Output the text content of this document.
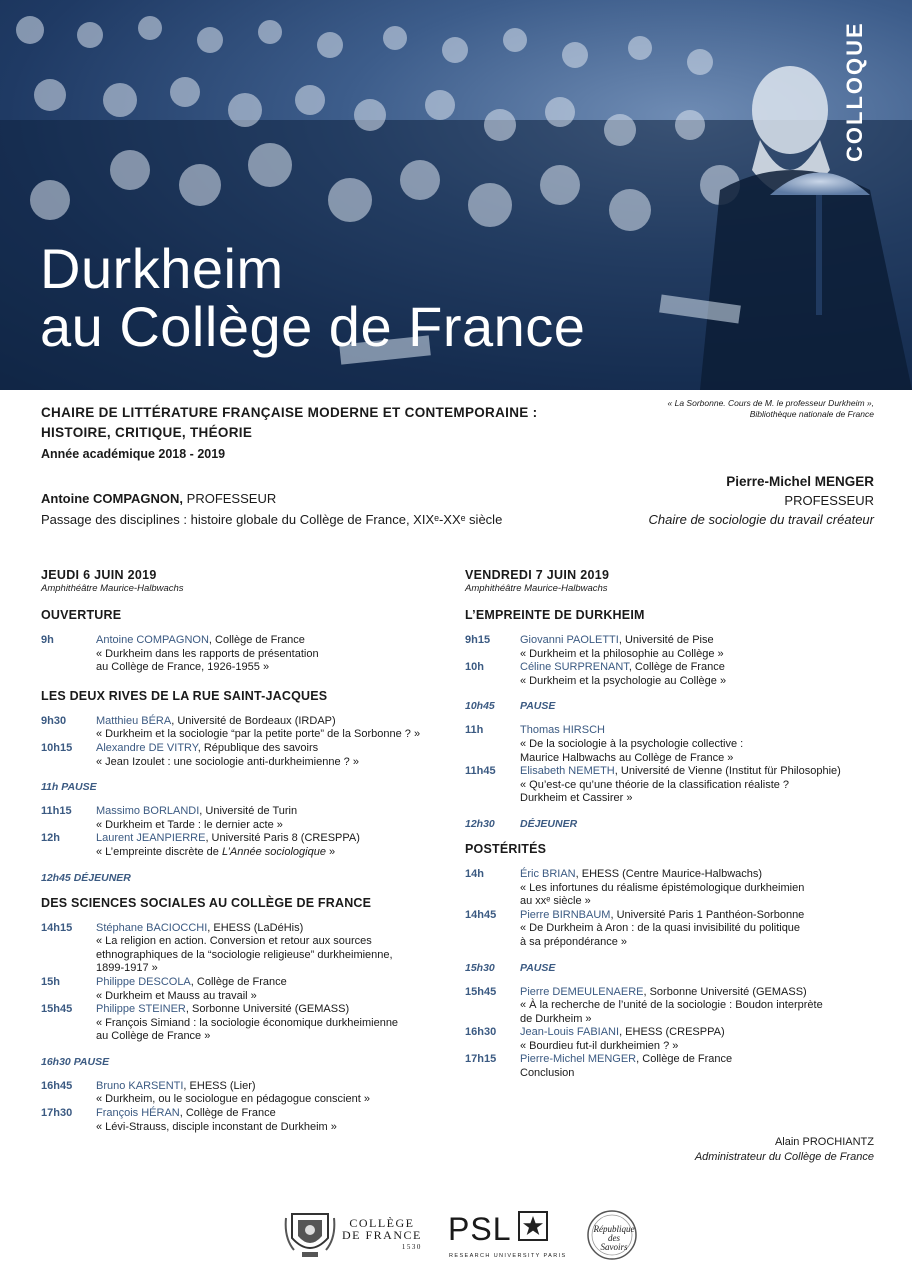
Durkheim
au Collège de France
COLLOQUE
CHAIRE DE LITTÉRATURE FRANÇAISE MODERNE ET CONTEMPORAINE :
HISTOIRE, CRITIQUE, THÉORIE
Année académique 2018 - 2019
« La Sorbonne. Cours de M. le professeur Durkheim »,
Bibliothèque nationale de France
Antoine COMPAGNON, PROFESSEUR
Passage des disciplines : histoire globale du Collège de France, XIXᵉ-XXᵉ siècle
Pierre-Michel MENGER
PROFESSEUR
Chaire de sociologie du travail créateur
JEUDI 6 JUIN 2019
Amphithéâtre Maurice-Halbwachs
OUVERTURE
9h	Antoine COMPAGNON, Collège de France
« Durkheim dans les rapports de présentation
au Collège de France, 1926-1955 »
LES DEUX RIVES DE LA RUE SAINT-JACQUES
9h30	Matthieu BÉRA, Université de Bordeaux (IRDAP)
« Durkheim et la sociologie “par la petite porte” de la Sorbonne ? »
10h15	Alexandre DE VITRY, République des savoirs
« Jean Izoulet : une sociologie anti-durkheimienne ? »
11h PAUSE
11h15	Massimo BORLANDI, Université de Turin
« Durkheim et Tarde : le dernier acte »
12h	Laurent JEANPIERRE, Université Paris 8 (CRESPPA)
« L’empreinte discrète de L’Année sociologique »
12h45 DÉJEUNER
DES SCIENCES SOCIALES AU COLLÈGE DE FRANCE
14h15	Stéphane BACIOCCHI, EHESS (LaDéHis)
« La religion en action. Conversion et retour aux sources
ethnographiques de la “sociologie religieuse” durkheimienne,
1899-1917 »
15h	Philippe DESCOLA, Collège de France
« Durkheim et Mauss au travail »
15h45	Philippe STEINER, Sorbonne Université (GEMASS)
« François Simiand : la sociologie économique durkheimienne
au Collège de France »
16h30 PAUSE
16h45	Bruno KARSENTI, EHESS (Lier)
« Durkheim, ou le sociologue en pédagogue conscient »
17h30	François HÉRAN, Collège de France
« Lévi-Strauss, disciple inconstant de Durkheim »
VENDREDI 7 JUIN 2019
Amphithéâtre Maurice-Halbwachs
L’EMPREINTE DE DURKHEIM
9h15	Giovanni PAOLETTI, Université de Pise
« Durkheim et la philosophie au Collège »
10h	Céline SURPRENANT, Collège de France
« Durkheim et la psychologie au Collège »
10h45	PAUSE
11h	Thomas HIRSCH
« De la sociologie à la psychologie collective :
Maurice Halbwachs au Collège de France »
11h45	Elisabeth NEMETH, Université de Vienne (Institut für Philosophie)
« Qu’est-ce qu’une théorie de la classification réaliste ?
Durkheim et Cassirer »
12h30	DÉJEUNER
POSTÉRITÉS
14h	Éric BRIAN, EHESS (Centre Maurice-Halbwachs)
« Les infortunes du réalisme épistémologique durkheimien
au xxᵉ siècle »
14h45	Pierre BIRNBAUM, Université Paris 1 Panthéon-Sorbonne
« De Durkheim à Aron : de la quasi invisibilité du politique
à sa prépondérance »
15h30	PAUSE
15h45	Pierre DEMEULENAERE, Sorbonne Université (GEMASS)
« À la recherche de l’unité de la sociologie : Boudon interprète
de Durkheim »
16h30	Jean-Louis FABIANI, EHESS (CRESPPA)
« Bourdieu fut-il durkheimien ? »
17h15	Pierre-Michel MENGER, Collège de France
Conclusion
Alain PROCHIANTZ
Administrateur du Collège de France
COLLÈGE
DE FRANCE
1530 PSL
RESEARCH UNIVERSITY PARIS
République
des
Savoirs
